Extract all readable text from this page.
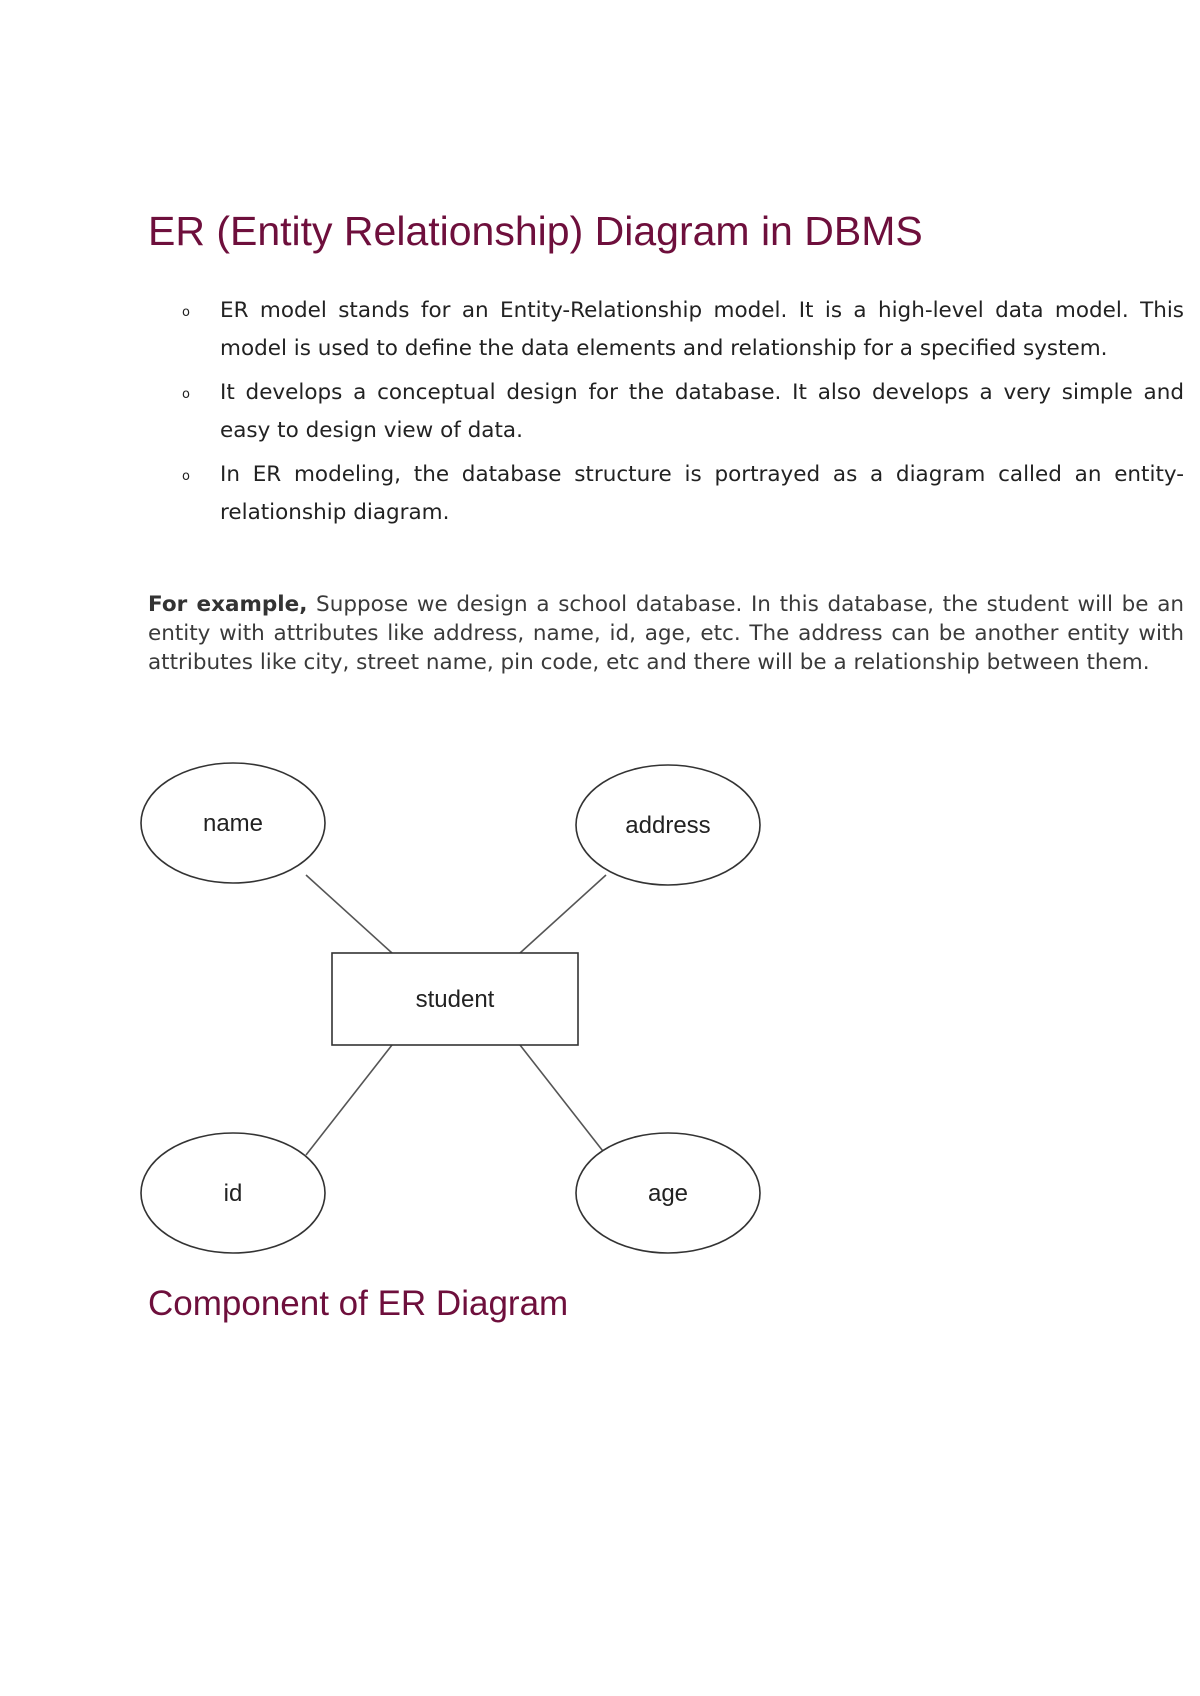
ER (Entity Relationship) Diagram in DBMS
o ER model stands for an Entity-Relationship model. It is a high-level data model. This model is used to define the data elements and relationship for a specified system.
o It develops a conceptual design for the database. It also develops a very simple and easy to design view of data.
o In ER modeling, the database structure is portrayed as a diagram called an entity-relationship diagram.

For example, Suppose we design a school database. In this database, the student will be an entity with attributes like address, name, id, age, etc. The address can be another entity with attributes like city, street name, pin code, etc and there will be a relationship between them.

name	address
student
id	age
Component of ER Diagram
